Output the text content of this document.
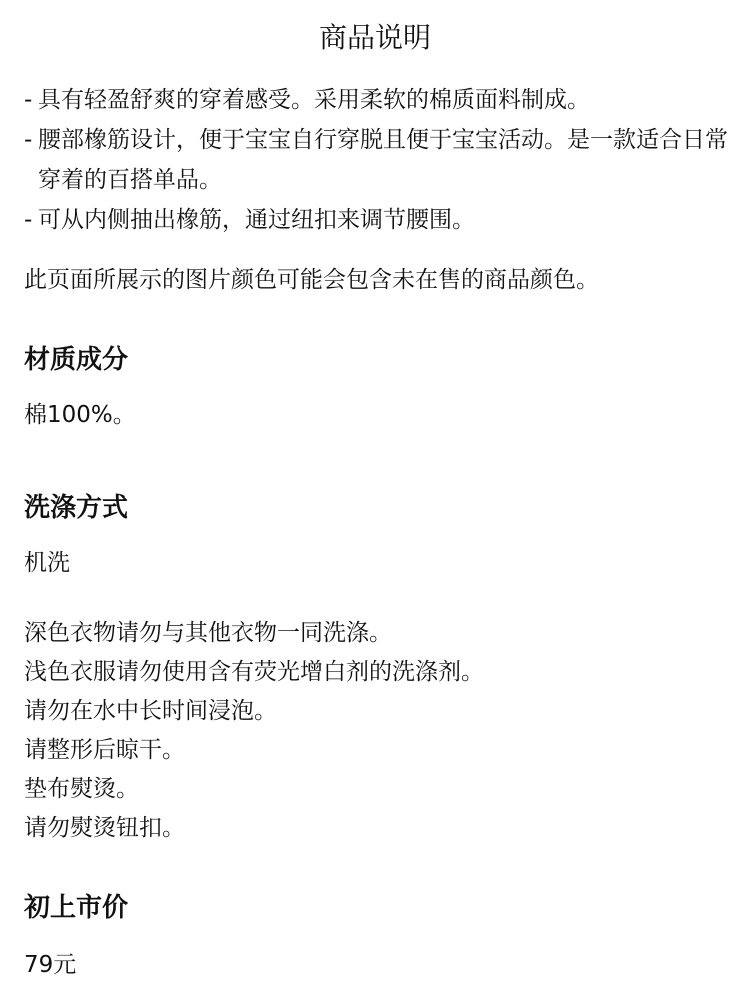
商品说明
- 具有轻盈舒爽的穿着感受。采用柔软的棉质面料制成。
- 腰部橡筋设计，便于宝宝自行穿脱且便于宝宝活动。是一款适合日常穿着的百搭单品。
- 可从内侧抽出橡筋，通过纽扣来调节腰围。
此页面所展示的图片颜色可能会包含未在售的商品颜色。
材质成分
棉100%。
洗涤方式
机洗
深色衣物请勿与其他衣物一同洗涤。
浅色衣服请勿使用含有荧光增白剂的洗涤剂。
请勿在水中长时间浸泡。
请整形后晾干。
垫布熨烫。
请勿熨烫钮扣。
初上市价
79元
